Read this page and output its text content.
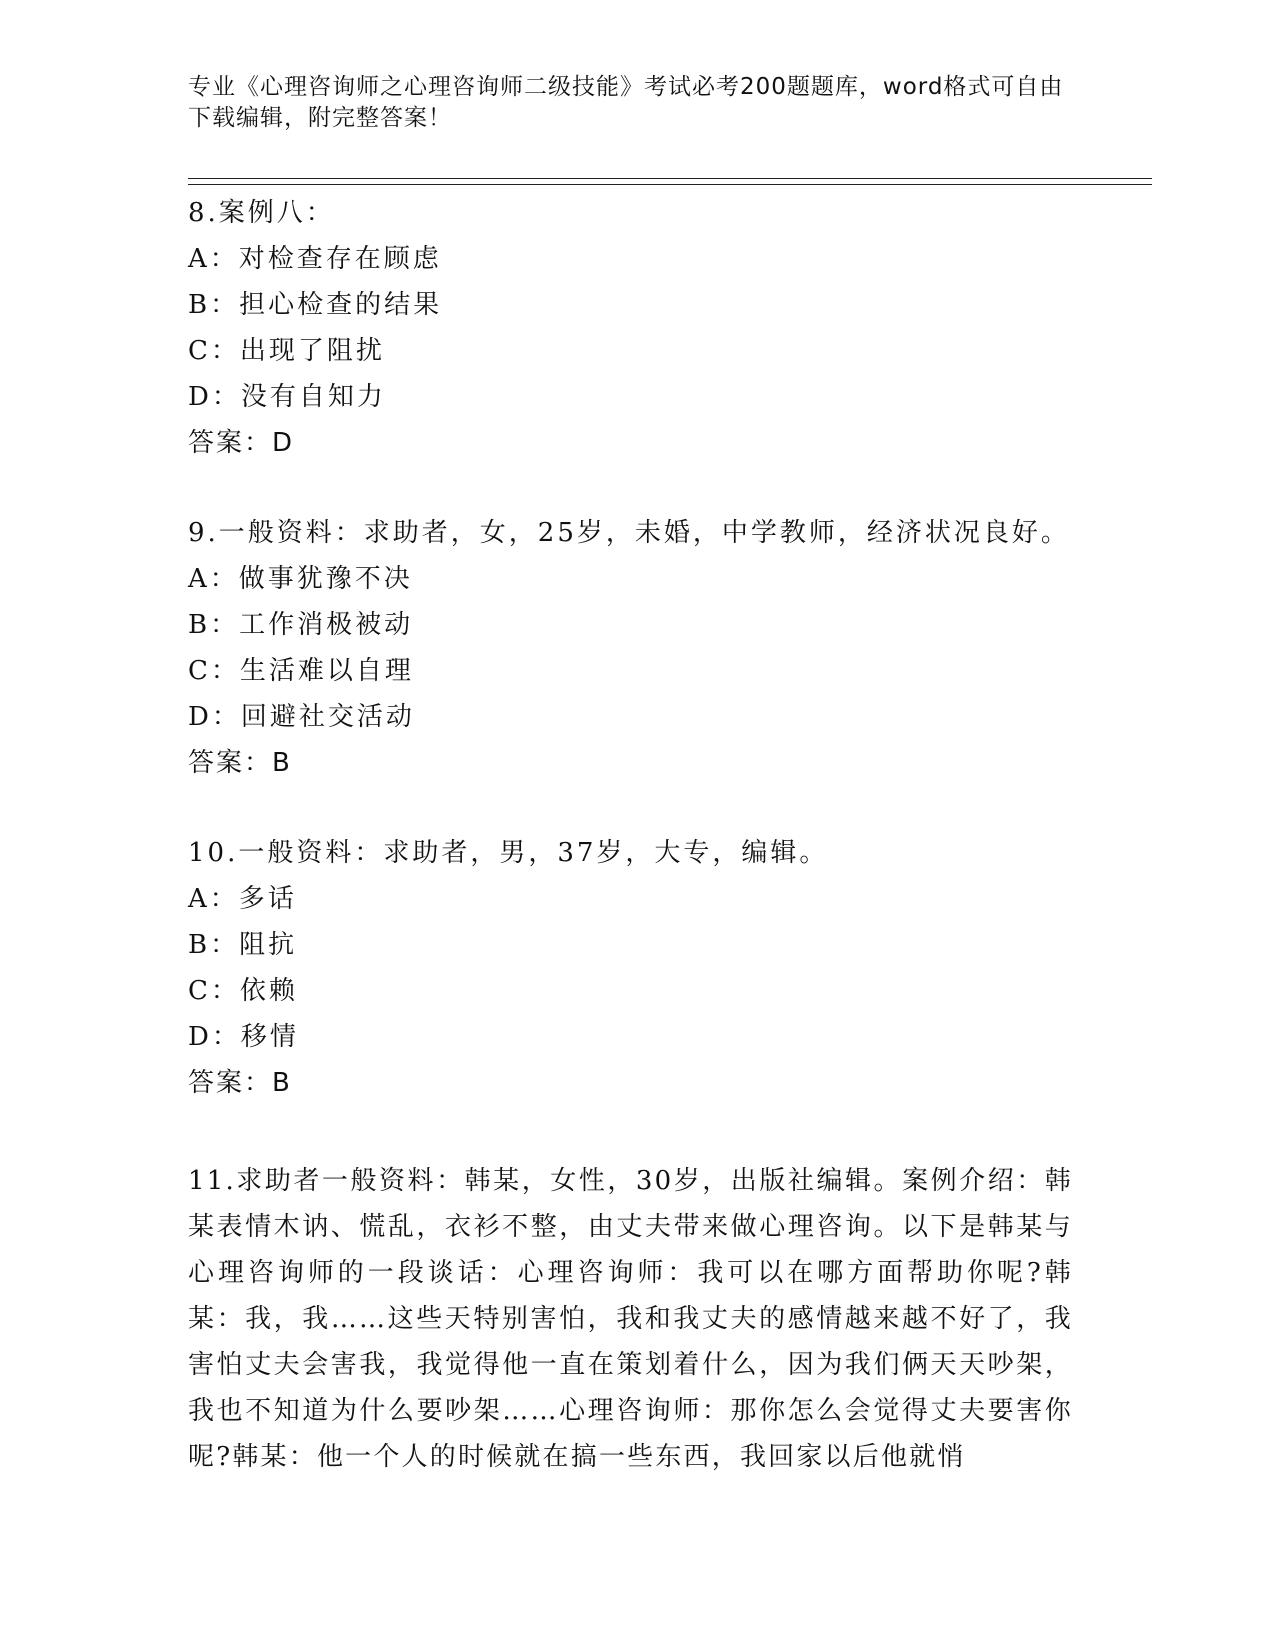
专业《心理咨询师之心理咨询师二级技能》考试必考200题题库，word格式可自由下载编辑，附完整答案！
8.案例八：
A：对检查存在顾虑
B：担心检查的结果
C：出现了阻扰
D：没有自知力
答案：D
9.一般资料：求助者，女，25岁，未婚，中学教师，经济状况良好。
A：做事犹豫不决
B：工作消极被动
C：生活难以自理
D：回避社交活动
答案：B
10.一般资料：求助者，男，37岁，大专，编辑。
A：多话
B：阻抗
C：依赖
D：移情
答案：B
11.求助者一般资料：韩某，女性，30岁，出版社编辑。案例介绍：韩某表情木讷、慌乱，衣衫不整，由丈夫带来做心理咨询。以下是韩某与心理咨询师的一段谈话：心理咨询师：我可以在哪方面帮助你呢?韩某：我，我……这些天特别害怕，我和我丈夫的感情越来越不好了，我害怕丈夫会害我，我觉得他一直在策划着什么，因为我们俩天天吵架，我也不知道为什么要吵架……心理咨询师：那你怎么会觉得丈夫要害你呢?韩某：他一个人的时候就在搞一些东西，我回家以后他就悄
